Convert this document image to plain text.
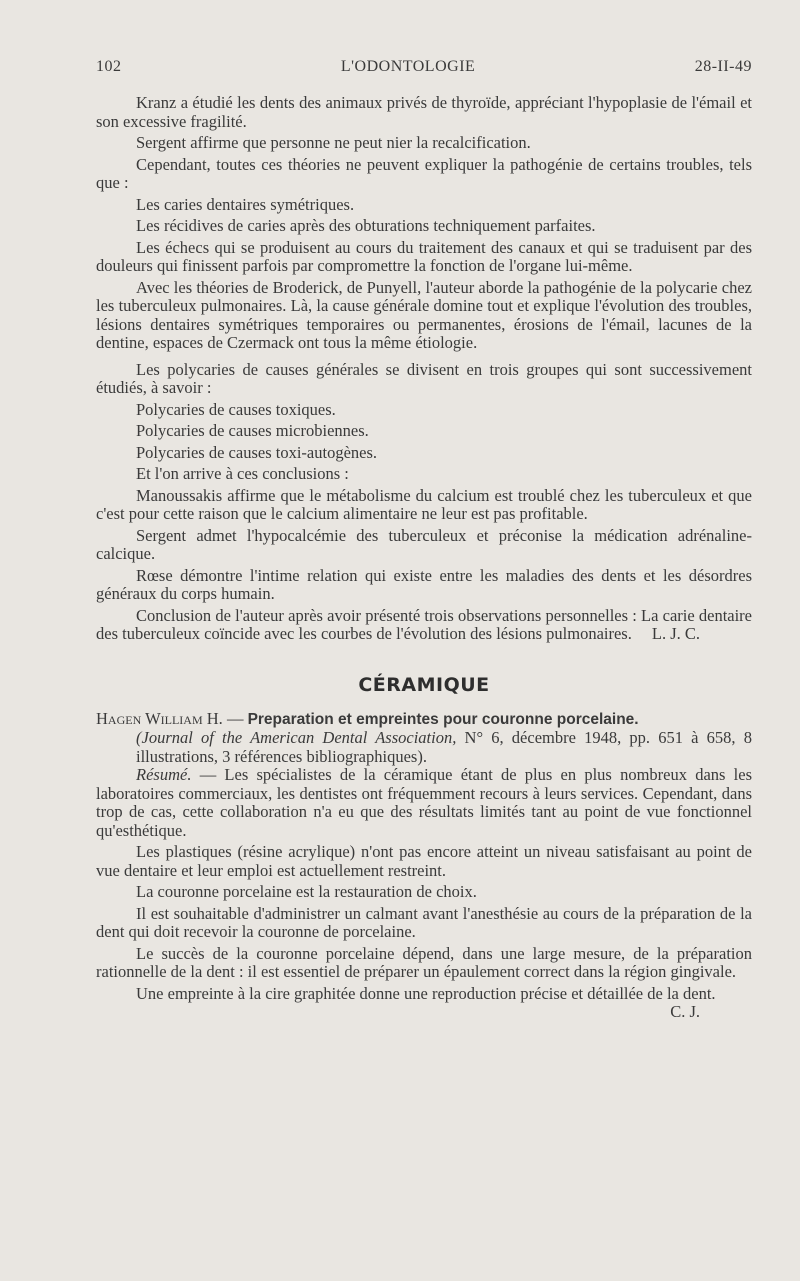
102	L'ODONTOLOGIE	28-II-49

Kranz a étudié les dents des animaux privés de thyroïde, appréciant l'hypoplasie de l'émail et son excessive fragilité.

Sergent affirme que personne ne peut nier la recalcification.

Cependant, toutes ces théories ne peuvent expliquer la pathogénie de certains troubles, tels que :

Les caries dentaires symétriques.

Les récidives de caries après des obturations techniquement parfaites.

Les échecs qui se produisent au cours du traitement des canaux et qui se traduisent par des douleurs qui finissent parfois par compromettre la fonction de l'organe lui-même.

Avec les théories de Broderick, de Punyell, l'auteur aborde la pathogénie de la polycarie chez les tuberculeux pulmonaires. Là, la cause générale domine tout et explique l'évolution des troubles, lésions dentaires symétriques temporaires ou permanentes, érosions de l'émail, lacunes de la dentine, espaces de Czermack ont tous la même étiologie.

Les polycaries de causes générales se divisent en trois groupes qui sont successivement étudiés, à savoir :

Polycaries de causes toxiques.

Polycaries de causes microbiennes.

Polycaries de causes toxi-autogènes.

Et l'on arrive à ces conclusions :

Manoussakis affirme que le métabolisme du calcium est troublé chez les tuberculeux et que c'est pour cette raison que le calcium alimentaire ne leur est pas profitable.

Sergent admet l'hypocalcémie des tuberculeux et préconise la médication adrénaline-calcique.

Rœse démontre l'intime relation qui existe entre les maladies des dents et les désordres généraux du corps humain.

Conclusion de l'auteur après avoir présenté trois observations personnelles : La carie dentaire des tuberculeux coïncide avec les courbes de l'évolution des lésions pulmonaires. L. J. C.

CÉRAMIQUE
Hagen William H. — Preparation et empreintes pour couronne porcelaine.
(Journal of the American Dental Association, N° 6, décembre 1948, pp. 651 à 658, 8 illustrations, 3 références bibliographiques).

Résumé. — Les spécialistes de la céramique étant de plus en plus nombreux dans les laboratoires commerciaux, les dentistes ont fréquemment recours à leurs services. Cependant, dans trop de cas, cette collaboration n'a eu que des résultats limités tant au point de vue fonctionnel qu'esthétique.

Les plastiques (résine acrylique) n'ont pas encore atteint un niveau satisfaisant au point de vue dentaire et leur emploi est actuellement restreint.

La couronne porcelaine est la restauration de choix.

Il est souhaitable d'administrer un calmant avant l'anesthésie au cours de la préparation de la dent qui doit recevoir la couronne de porcelaine.

Le succès de la couronne porcelaine dépend, dans une large mesure, de la préparation rationnelle de la dent : il est essentiel de préparer un épaulement correct dans la région gingivale.

Une empreinte à la cire graphitée donne une reproduction précise et détaillée de la dent.
C. J.
